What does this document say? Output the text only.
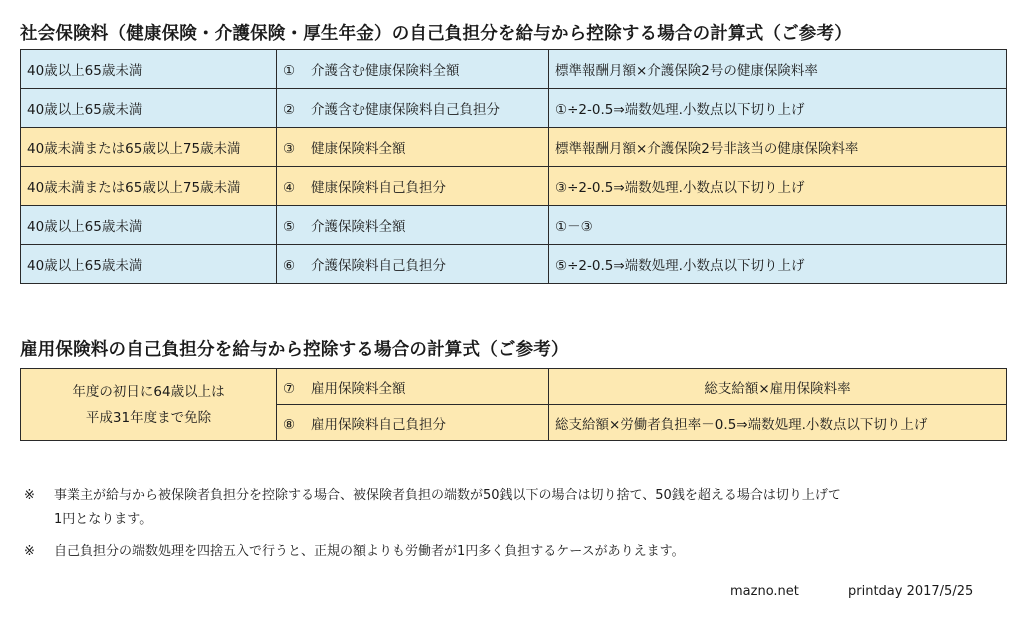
社会保険料（健康保険・介護保険・厚生年金）の自己負担分を給与から控除する場合の計算式（ご参考）
40歳以上65歳未満	① 介護含む健康保険料全額	標準報酬月額×介護保険2号の健康保険料率
40歳以上65歳未満	② 介護含む健康保険料自己負担分	①÷2-0.5⇒端数処理.小数点以下切り上げ
40歳未満または65歳以上75歳未満	③ 健康保険料全額	標準報酬月額×介護保険2号非該当の健康保険料率
40歳未満または65歳以上75歳未満	④ 健康保険料自己負担分	③÷2-0.5⇒端数処理.小数点以下切り上げ
40歳以上65歳未満	⑤ 介護保険料全額	①－③
40歳以上65歳未満	⑥ 介護保険料自己負担分	⑤÷2-0.5⇒端数処理.小数点以下切り上げ
雇用保険料の自己負担分を給与から控除する場合の計算式（ご参考）
年度の初日に64歳以上は
平成31年度まで免除	⑦ 雇用保険料全額	総支給額×雇用保険料率
	⑧ 雇用保険料自己負担分	総支給額×労働者負担率－0.5⇒端数処理.小数点以下切り上げ
※ 事業主が給与から被保険者負担分を控除する場合、被保険者負担の端数が50銭以下の場合は切り捨て、50銭を超える場合は切り上げて
1円となります。
※ 自己負担分の端数処理を四捨五入で行うと、正規の額よりも労働者が1円多く負担するケースがありえます。
mazno.net	printday 2017/5/25
